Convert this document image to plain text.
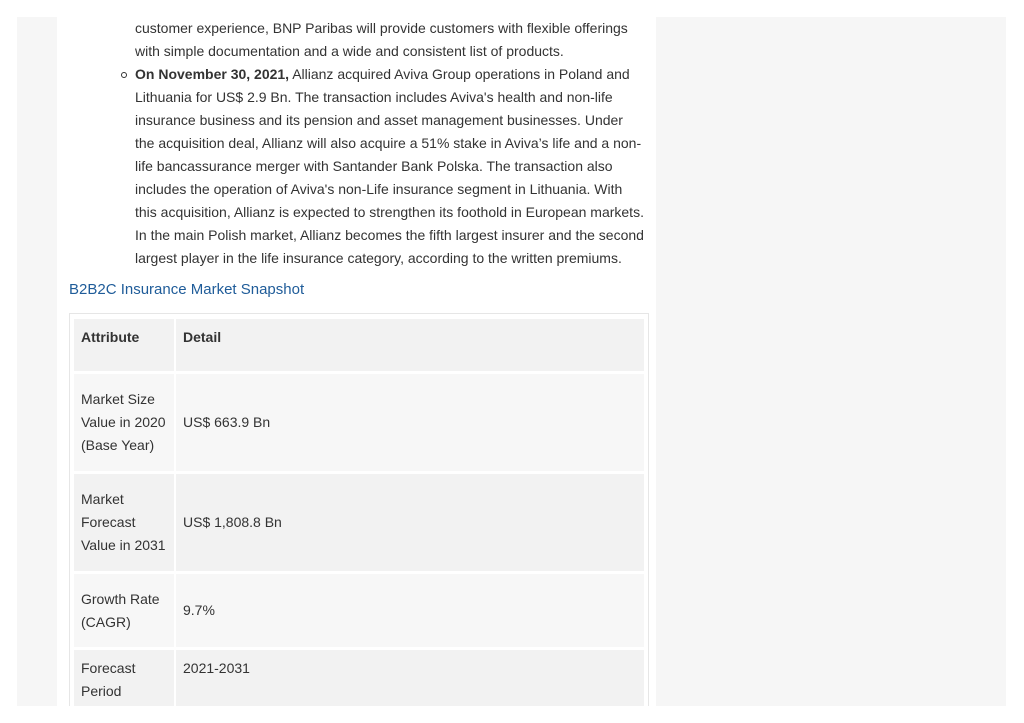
customer experience, BNP Paribas will provide customers with flexible offerings with simple documentation and a wide and consistent list of products.
On November 30, 2021, Allianz acquired Aviva Group operations in Poland and Lithuania for US$ 2.9 Bn. The transaction includes Aviva's health and non-life insurance business and its pension and asset management businesses. Under the acquisition deal, Allianz will also acquire a 51% stake in Aviva’s life and a non-life bancassurance merger with Santander Bank Polska. The transaction also includes the operation of Aviva's non-Life insurance segment in Lithuania. With this acquisition, Allianz is expected to strengthen its foothold in European markets. In the main Polish market, Allianz becomes the fifth largest insurer and the second largest player in the life insurance category, according to the written premiums.
B2B2C Insurance Market Snapshot
Attribute	Detail
Market Size Value in 2020 (Base Year)	US$ 663.9 Bn
Market Forecast Value in 2031	US$ 1,808.8 Bn
Growth Rate (CAGR)	9.7%
Forecast Period	2021-2031
